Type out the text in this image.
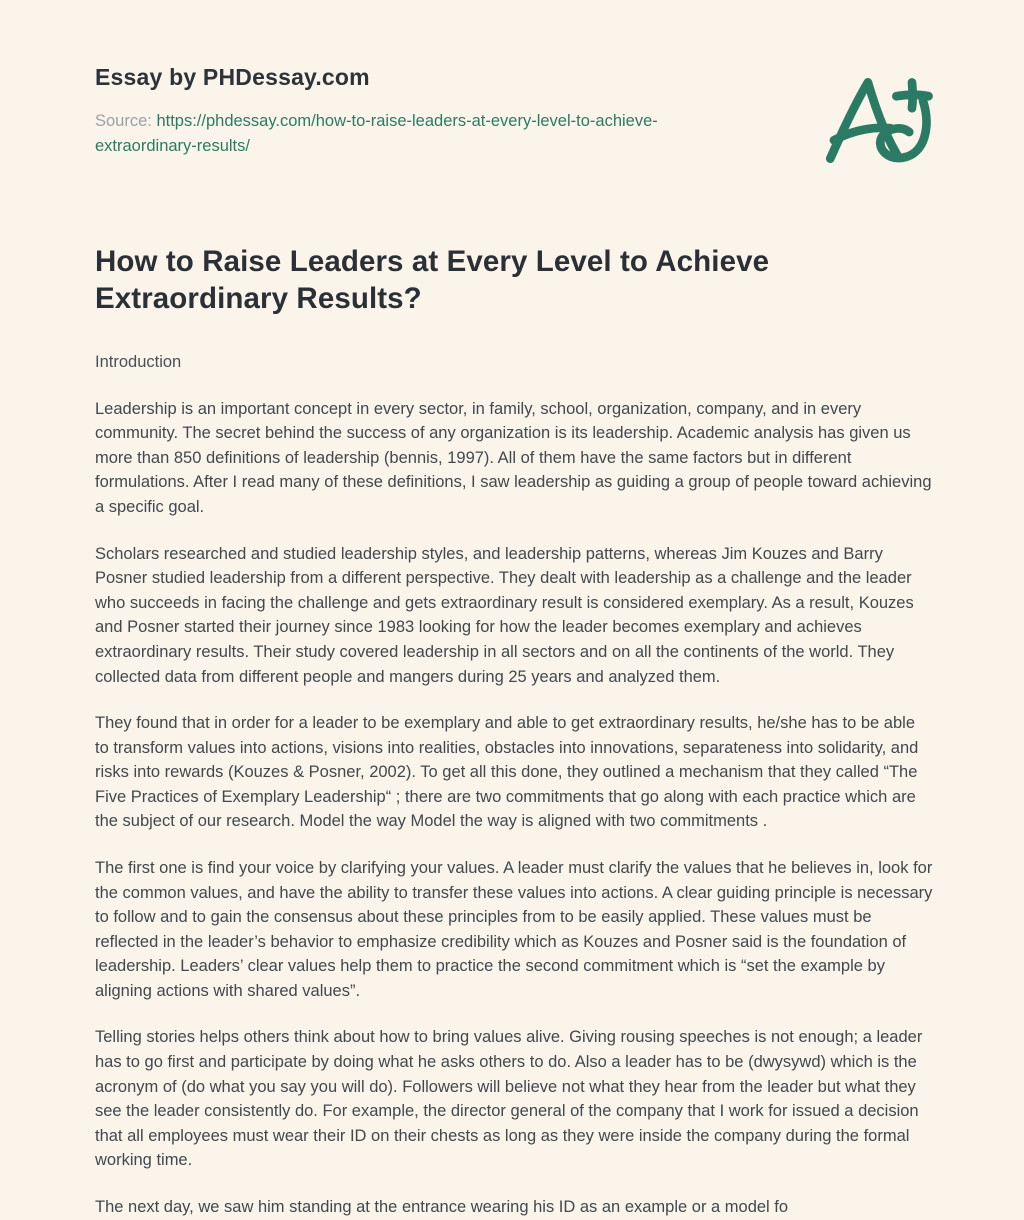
Essay by PHDessay.com

Source: https://phdessay.com/how-to-raise-leaders-at-every-level-to-achieve-extraordinary-results/

How to Raise Leaders at Every Level to Achieve Extraordinary Results?

Introduction

Leadership is an important concept in every sector, in family, school, organization, company, and in every community. The secret behind the success of any organization is its leadership. Academic analysis has given us more than 850 definitions of leadership (bennis, 1997). All of them have the same factors but in different formulations. After I read many of these definitions, I saw leadership as guiding a group of people toward achieving a specific goal.

Scholars researched and studied leadership styles, and leadership patterns, whereas Jim Kouzes and Barry Posner studied leadership from a different perspective. They dealt with leadership as a challenge and the leader who succeeds in facing the challenge and gets extraordinary result is considered exemplary. As a result, Kouzes and Posner started their journey since 1983 looking for how the leader becomes exemplary and achieves extraordinary results. Their study covered leadership in all sectors and on all the continents of the world. They collected data from different people and mangers during 25 years and analyzed them.

They found that in order for a leader to be exemplary and able to get extraordinary results, he/she has to be able to transform values into actions, visions into realities, obstacles into innovations, separateness into solidarity, and risks into rewards (Kouzes & Posner, 2002). To get all this done, they outlined a mechanism that they called “The Five Practices of Exemplary Leadership“ ; there are two commitments that go along with each practice which are the subject of our research. Model the way Model the way is aligned with two commitments .

The first one is find your voice by clarifying your values. A leader must clarify the values that he believes in, look for the common values, and have the ability to transfer these values into actions. A clear guiding principle is necessary to follow and to gain the consensus about these principles from to be easily applied. These values must be reflected in the leader’s behavior to emphasize credibility which as Kouzes and Posner said is the foundation of leadership. Leaders’ clear values help them to practice the second commitment which is “set the example by aligning actions with shared values”.

Telling stories helps others think about how to bring values alive. Giving rousing speeches is not enough; a leader has to go first and participate by doing what he asks others to do. Also a leader has to be (dwysywd) which is the acronym of (do what you say you will do). Followers will believe not what they hear from the leader but what they see the leader consistently do. For example, the director general of the company that I work for issued a decision that all employees must wear their ID on their chests as long as they were inside the company during the formal working time.

The next day, we saw him standing at the entrance wearing his ID as an example or a model fo
